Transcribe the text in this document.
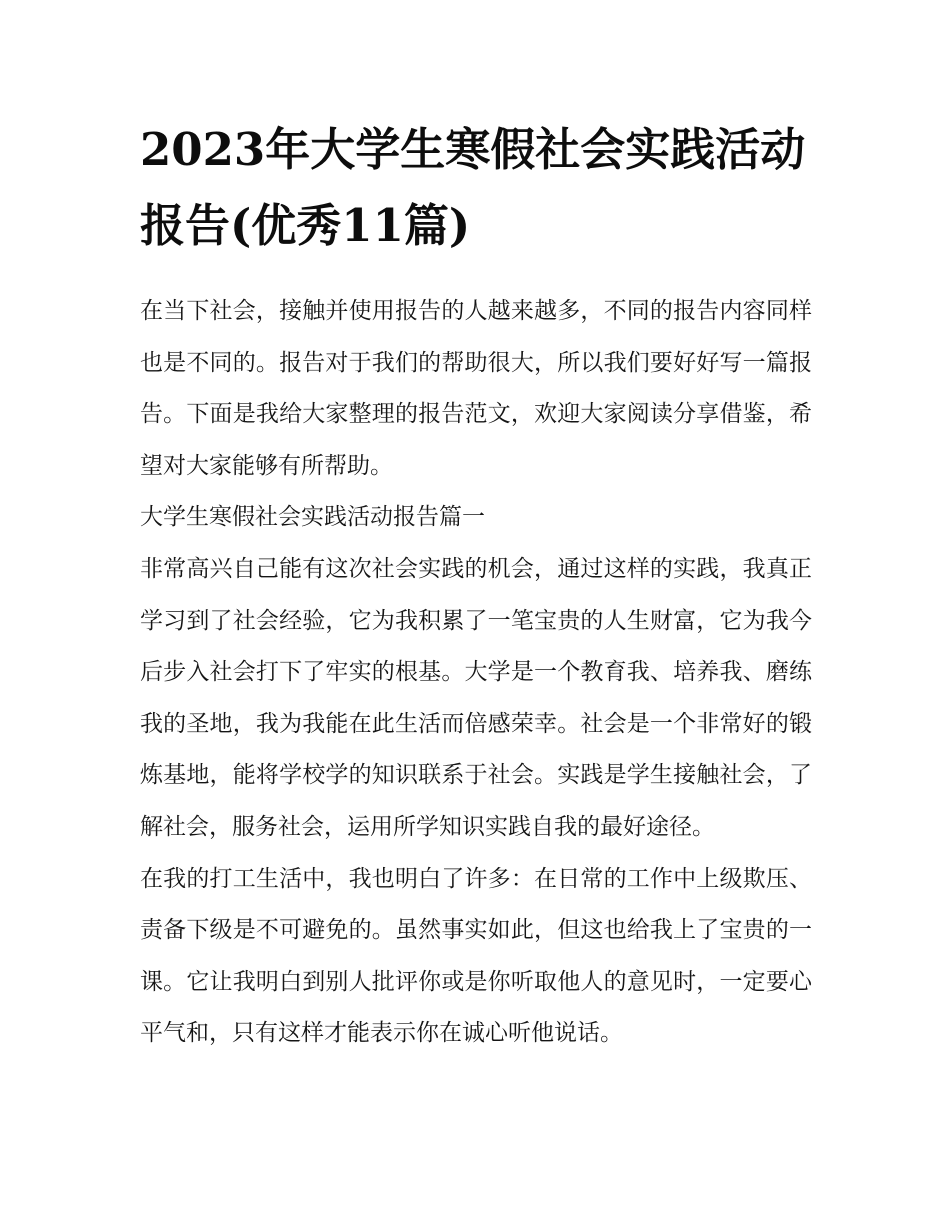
2023年大学生寒假社会实践活动报告(优秀11篇)

在当下社会，接触并使用报告的人越来越多，不同的报告内容同样也是不同的。报告对于我们的帮助很大，所以我们要好好写一篇报告。下面是我给大家整理的报告范文，欢迎大家阅读分享借鉴，希望对大家能够有所帮助。

大学生寒假社会实践活动报告篇一

非常高兴自己能有这次社会实践的机会，通过这样的实践，我真正学习到了社会经验，它为我积累了一笔宝贵的人生财富，它为我今后步入社会打下了牢实的根基。大学是一个教育我、培养我、磨练我的圣地，我为我能在此生活而倍感荣幸。社会是一个非常好的锻炼基地，能将学校学的知识联系于社会。实践是学生接触社会，了解社会，服务社会，运用所学知识实践自我的最好途径。

在我的打工生活中，我也明白了许多：在日常的工作中上级欺压、责备下级是不可避免的。虽然事实如此，但这也给我上了宝贵的一课。它让我明白到别人批评你或是你听取他人的意见时，一定要心平气和，只有这样才能表示你在诚心听他说话。
